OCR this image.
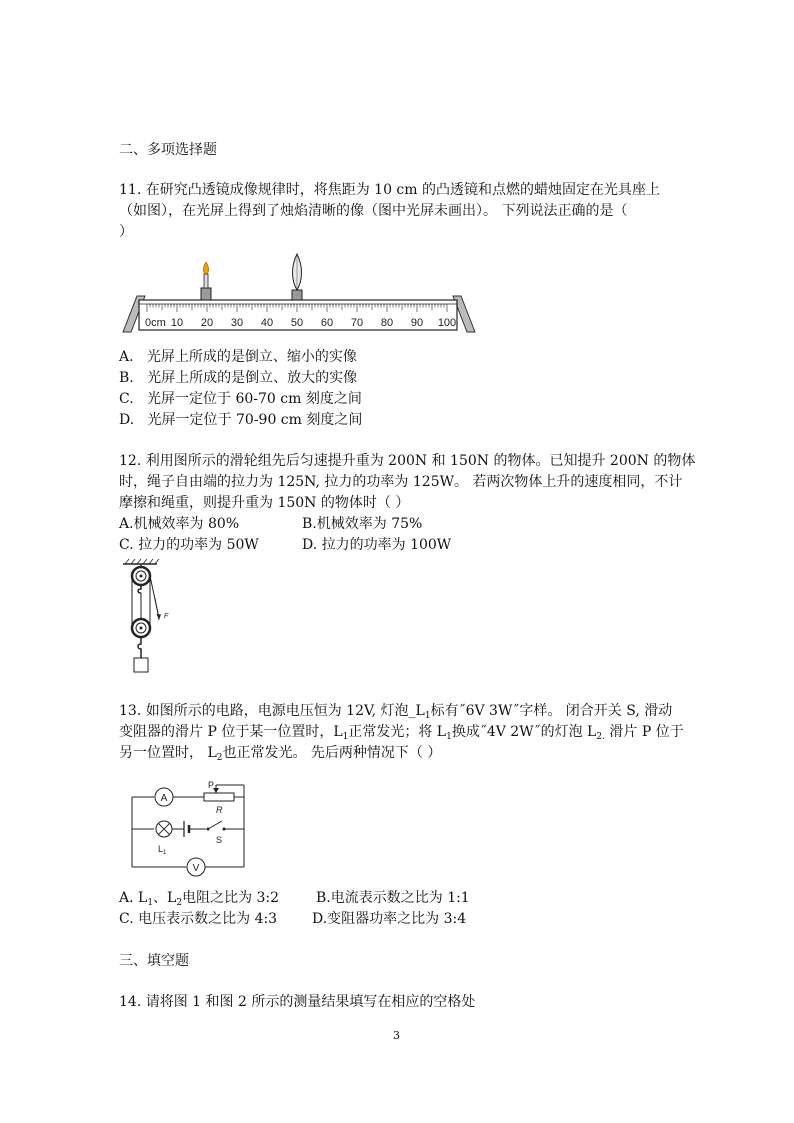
二、多项选择题
11. 在研究凸透镜成像规律时，将焦距为 10 cm 的凸透镜和点燃的蜡烛固定在光具座上
（如图），在光屏上得到了烛焰清晰的像（图中光屏未画出）。 下列说法正确的是（
）
0cm 10 20 30 40 50 60 70 80 90 100
A. 光屏上所成的是倒立、缩小的实像
B. 光屏上所成的是倒立、放大的实像
C. 光屏一定位于 60-70 cm 刻度之间
D. 光屏一定位于 70-90 cm 刻度之间
12. 利用图所示的滑轮组先后匀速提升重为 200N 和 150N 的物体。已知提升 200N 的物体
时，绳子自由端的拉力为 125N, 拉力的功率为 125W。 若两次物体上升的速度相同，不计
摩擦和绳重，则提升重为 150N 的物体时（ ）
A.机械效率为 80%	B.机械效率为 75%
C. 拉力的功率为 50W	D. 拉力的功率为 100W
F
13. 如图所示的电路，电源电压恒为 12V, 灯泡$\_L_1$标有˝6V 3W˝字样。 闭合开关 S, 滑动
变阻器的滑片 P 位于某一位置时，$L_1$正常发光；将 $L_1$换成˝4V 2W˝的灯泡 $L_{2.}$ 滑片 P 位于
另一位置时， $L_2$也正常发光。 先后两种情况下（ ）
A
R
P
$L_1$
S
V
A. $L_1$、$L_2$电阻之比为 3:2	B.电流表示数之比为 1:1
C. 电压表示数之比为 4:3 D.变阻器功率之比为 3:4
三、填空题
14. 请将图 1 和图 2 所示的测量结果填写在相应的空格处
3
